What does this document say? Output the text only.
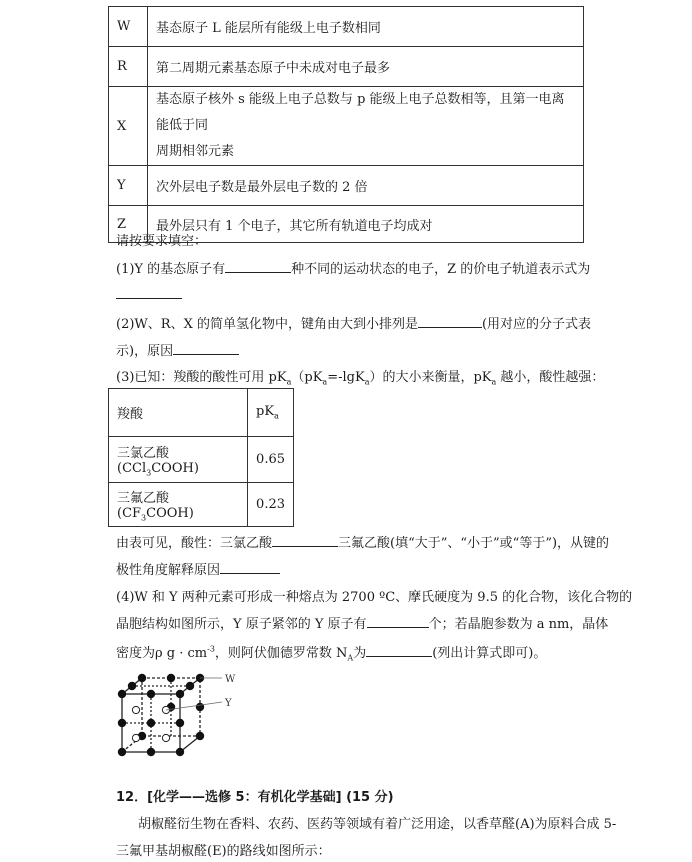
W	基态原子 L 能层所有能级上电子数相同
R	第二周期元素基态原子中未成对电子最多
X	基态原子核外 s 能级上电子总数与 p 能级上电子总数相等，且第一电离能低于同
周期相邻元素
Y	次外层电子数是最外层电子数的 2 倍
Z	最外层只有 1 个电子，其它所有轨道电子均成对
请按要求填空：
(1)Y 的基态原子有	种不同的运动状态的电子，Z 的价电子轨道表示式为
(2)W、R、X 的简单氢化物中，键角由大到小排列是	(用对应的分子式表
示)，原因
(3)已知：羧酸的酸性可用 $pK_a(pK_a=-\lg K_a)$的大小来衡量，$pK_a$ 越小，酸性越强：
羧酸	$pK_a$
三氯乙酸(CCl$_3$COOH)	0.65
三氟乙酸$(CF_3COOH)$	0.23
由表可见，酸性：三氯乙酸	三氟乙酸(填“大于”、“小于”或“等于”)，从键的
极性角度解释原因
(4)W 和 Y 两种元素可形成一种熔点为 2700 ºC、摩氏硬度为 9.5 的化合物，该化合物的
晶胞结构如图所示，Y 原子紧邻的 Y 原子有	个；若晶胞参数为 a nm，晶体
密度为ρ $g \cdot cm^{-3}$，则阿伏伽德罗常数 $N_A$为	(列出计算式即可)。
W
Y
12．[化学——选修 5：有机化学基础] (15 分)
胡椒醛衍生物在香料、农药、医药等领域有着广泛用途，以香草醛(A)为原料合成 5-
三氟甲基胡椒醛(E)的路线如图所示：
